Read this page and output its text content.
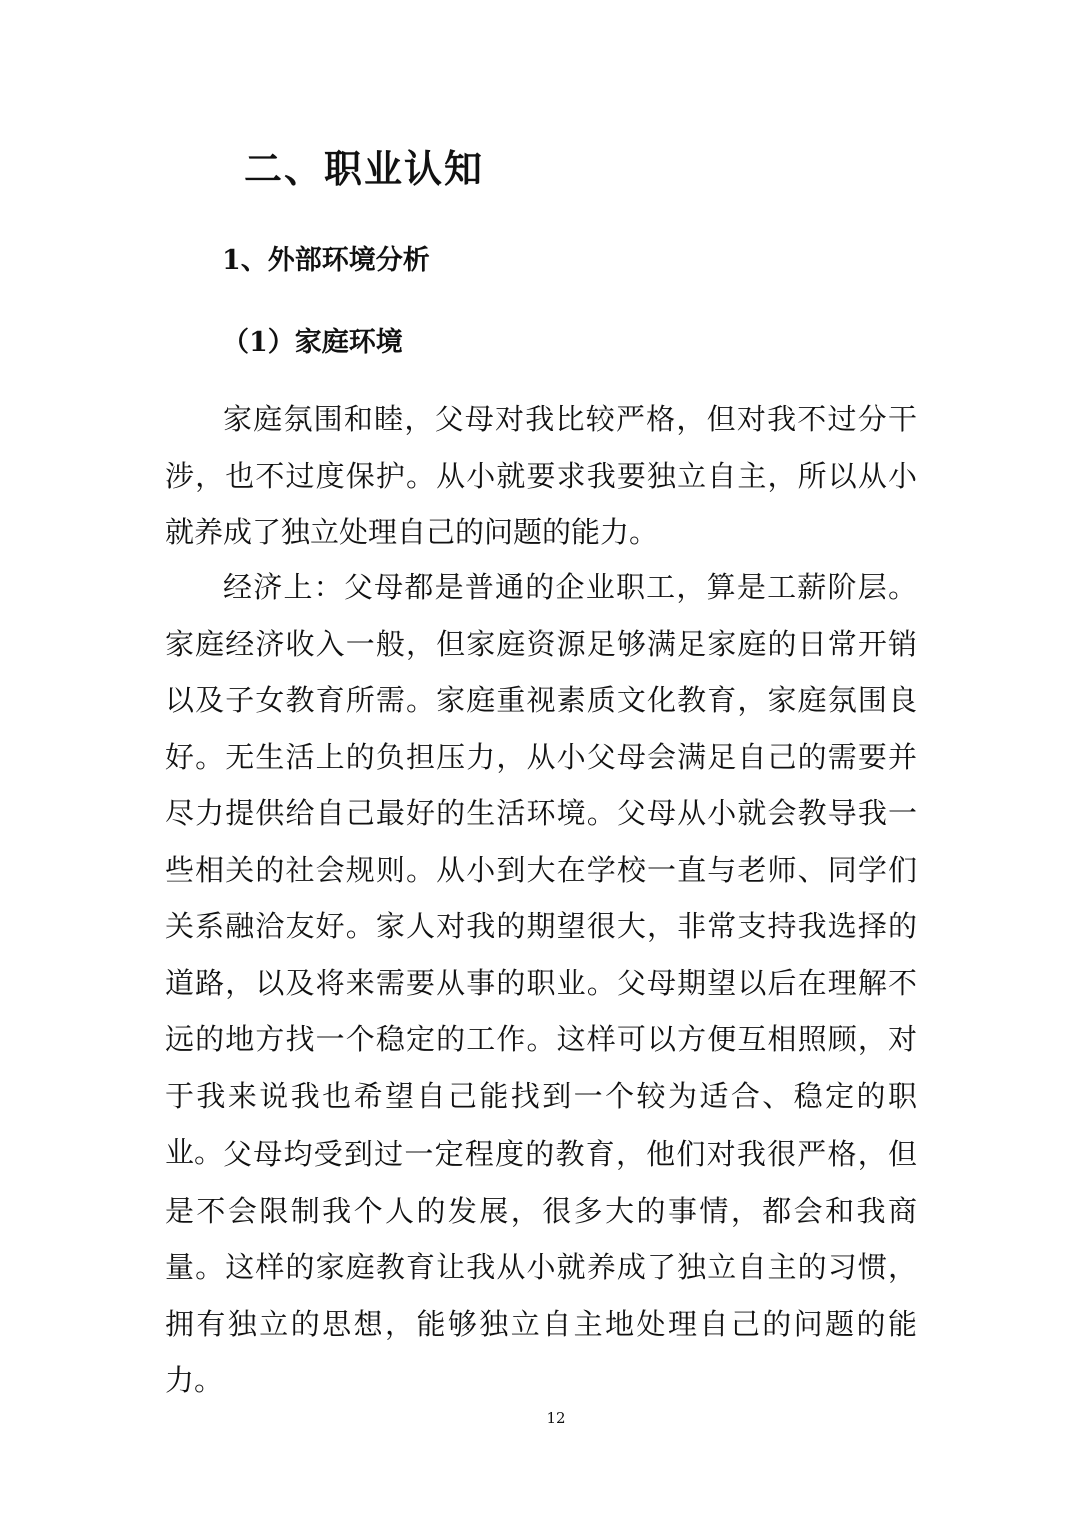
二、职业认知
1、外部环境分析
（1）家庭环境

家庭氛围和睦，父母对我比较严格，但对我不过分干涉，也不过度保护。从小就要求我要独立自主，所以从小就养成了独立处理自己的问题的能力。

经济上：父母都是普通的企业职工，算是工薪阶层。家庭经济收入一般，但家庭资源足够满足家庭的日常开销以及子女教育所需。家庭重视素质文化教育，家庭氛围良好。无生活上的负担压力，从小父母会满足自己的需要并尽力提供给自己最好的生活环境。父母从小就会教导我一些相关的社会规则。从小到大在学校一直与老师、同学们关系融洽友好。家人对我的期望很大，非常支持我选择的道路，以及将来需要从事的职业。父母期望以后在理解不远的地方找一个稳定的工作。这样可以方便互相照顾，对于我来说我也希望自己能找到一个较为适合、稳定的职业。 父母均受到过一定程度的教育，他们对我很严格，但是不会限制我个人的发展，很多大的事情，都会和我商量。这样的家庭教育让我从小就养成了独立自主的习惯，拥有独立的思想，能够独立自主地处理自己的问题的能力。

12
